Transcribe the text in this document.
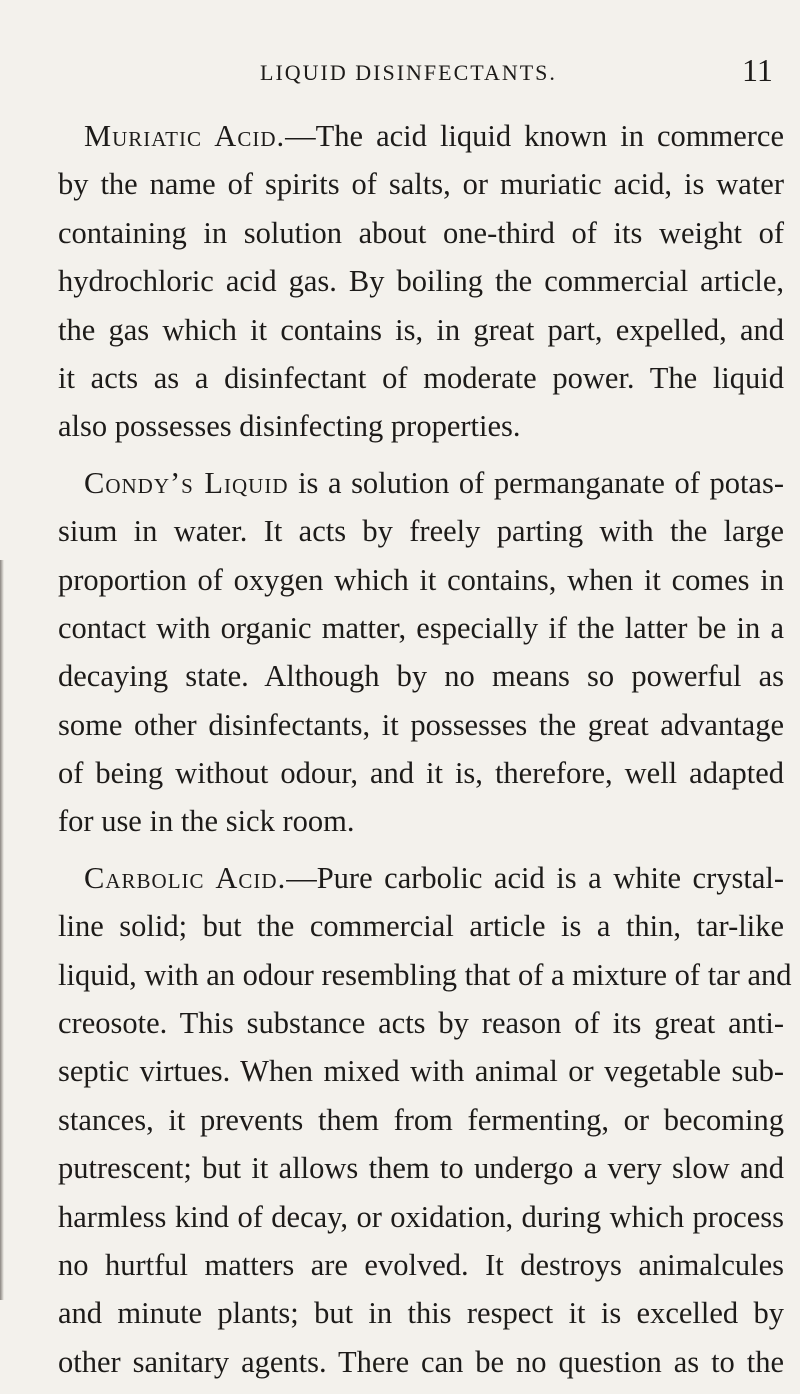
LIQUID DISINFECTANTS.	11
Muriatic Acid.—The acid liquid known in commerce
by the name of spirits of salts, or muriatic acid, is water
containing in solution about one-third of its weight of
hydrochloric acid gas. By boiling the commercial article,
the gas which it contains is, in great part, expelled, and
it acts as a disinfectant of moderate power. The liquid
also possesses disinfecting properties.
Condy’s Liquid is a solution of permanganate of potas-
sium in water. It acts by freely parting with the large
proportion of oxygen which it contains, when it comes in
contact with organic matter, especially if the latter be in a
decaying state. Although by no means so powerful as
some other disinfectants, it possesses the great advantage
of being without odour, and it is, therefore, well adapted
for use in the sick room.
Carbolic Acid.—Pure carbolic acid is a white crystal-
line solid; but the commercial article is a thin, tar-like
liquid, with an odour resembling that of a mixture of tar and
creosote. This substance acts by reason of its great anti-
septic virtues. When mixed with animal or vegetable sub-
stances, it prevents them from fermenting, or becoming
putrescent; but it allows them to undergo a very slow and
harmless kind of decay, or oxidation, during which process
no hurtful matters are evolved. It destroys animalcules
and minute plants; but in this respect it is excelled by
other sanitary agents. There can be no question as to the
